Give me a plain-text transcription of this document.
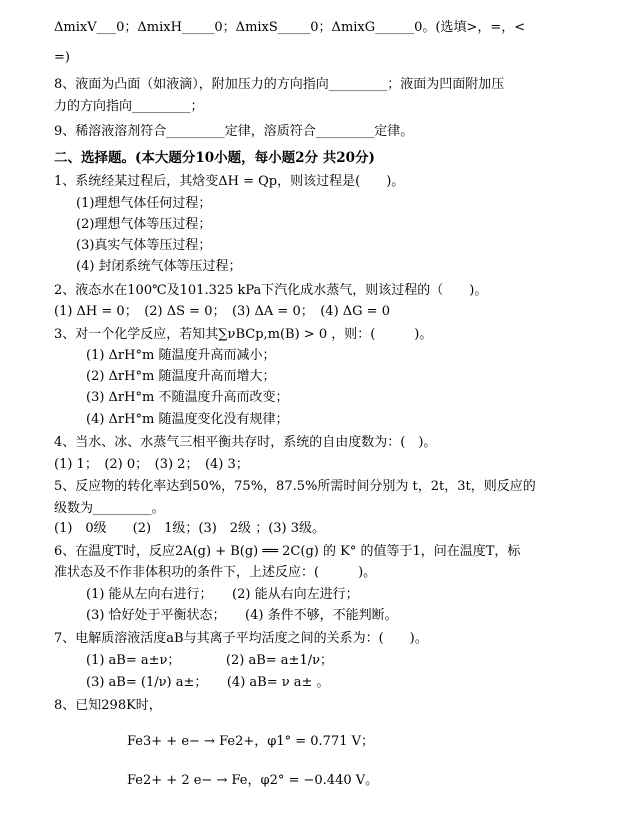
ΔmixV___0；ΔmixH_____0；ΔmixS_____0；ΔmixG______0。(选填>，=，<
=)
8、液面为凸面（如液滴），附加压力的方向指向_________；液面为凹面附加压
力的方向指向_________；
9、稀溶液溶剂符合_________定律，溶质符合_________定律。
二、选择题。(本大题分10小题，每小题2分 共20分)
1、系统经某过程后，其焓变ΔH = Qp，则该过程是(　　)。
(1)理想气体任何过程；
(2)理想气体等压过程；
(3)真实气体等压过程；
(4) 封闭系统气体等压过程；
2、液态水在100℃及101.325 kPa下汽化成水蒸气，则该过程的（　　)。
(1) ΔH = 0；　(2) ΔS = 0；　(3) ΔA = 0；　(4) ΔG = 0
3、对一个化学反应，若知其∑νBCp,m(B) > 0 ，则：(　　　)。
(1) ΔrH°m 随温度升高而减小；
(2) ΔrH°m 随温度升高而增大；
(3) ΔrH°m 不随温度升高而改变；
(4) ΔrH°m 随温度变化没有规律；
4、当水、冰、水蒸气三相平衡共存时，系统的自由度数为：(　)。
(1) 1；　(2) 0；　(3) 2；　(4) 3；
5、反应物的转化率达到50%，75%，87.5%所需时间分别为 t，2t，3t，则反应的
级数为_________。
(1)　0级　　(2)　1级；(3)　2级 ；(3) 3级。
6、在温度T时，反应2A(g) + B(g) ══ 2C(g) 的 K° 的值等于1，问在温度T，标
准状态及不作非体积功的条件下，上述反应：(　　　)。
(1) 能从左向右进行；　　(2) 能从右向左进行；
(3) 恰好处于平衡状态；　　(4) 条件不够，不能判断。
7、电解质溶液活度aB与其离子平均活度之间的关系为：(　　)。
(1) aB= a±ν；　　　　(2) aB= a±1/ν；
(3) aB= (1/ν) a±；　　(4) aB= ν a± 。
8、已知298K时，
Fe3+ + e− → Fe2+，φ1° = 0.771 V；
Fe2+ + 2 e− → Fe，φ2° = −0.440 V。
